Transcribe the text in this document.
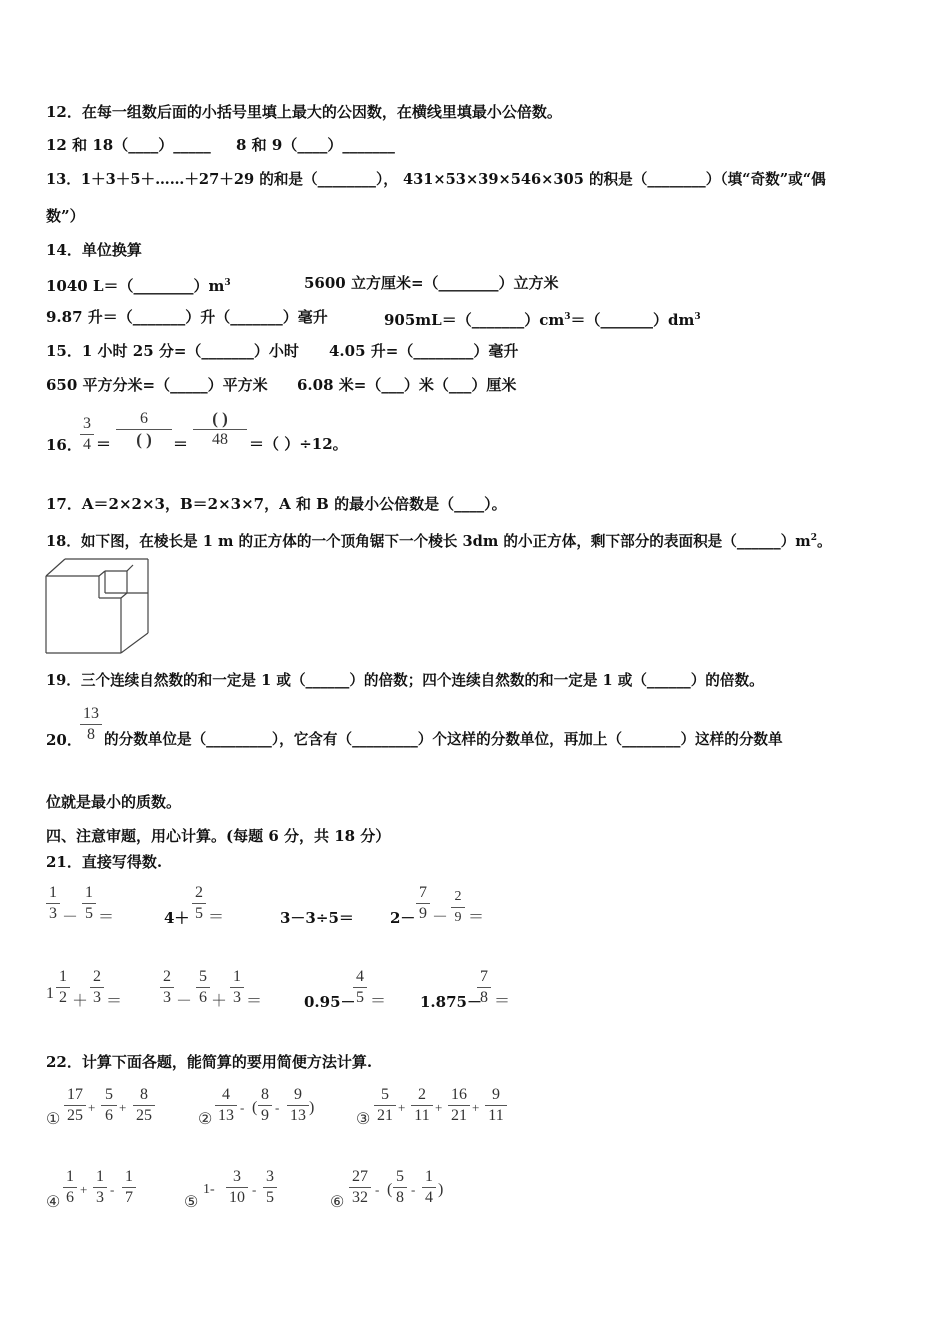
12．在每一组数后面的小括号里填上最大的公因数，在横线里填最小公倍数。
12 和 18（____）_____ 8 和 9（____）_______
13．1＋3＋5＋……＋27＋29 的和是（________）， 431×53×39×546×305 的积是（________）（填“奇数”或“偶
数”）
14．单位换算
1040 $L=(\_\_\_\_\_\_\_\_)m^3$	5600 立方厘米=（________）立方米
9.87 升＝（_______）升（_______）毫升	$905mL=(\_\_\_\_\_\_\_)cm^3=(\_\_\_\_\_\_\_)dm^3$
15．1 小时 25 分=（_______）小时 4.05 升=（________）毫升
650 平方分米=（_____）平方米 6.08 米=（___）米（___）厘米
16．
3
4 ＝
6
( )	＝
( )
48	＝（ ）÷12。
17．A＝2×2×3，B＝2×3×7，A 和 B 的最小公倍数是（____）。
18．如下图，在棱长是 1 m 的正方体的一个顶角锯下一个棱长 3dm 的小正方体，剩下部分的表面积是$(\_\_\_\_\_\_)m^2$。
19．三个连续自然数的和一定是 1 或（______）的倍数；四个连续自然数的和一定是 1 或（______）的倍数。
20．
13
8 的分数单位是（_________），它含有（_________）个这样的分数单位，再加上（________）这样的分数单
位就是最小的质数。
四、注意审题，用心计算。(每题 6 分，共 18 分）
21．直接写得数.
1
3 －
1
5 ＝	4＋
2
5 ＝	3－3÷5＝ 2－
7
9 －
2
9 ＝
1
1
2 ＋
2
3 ＝
2
3 －
5
6 ＋
1
3 ＝	0.95－
4
5 ＝ 1.875－
7
8 ＝
22．计算下面各题，能简算的要用简便方法计算.
①
17
25 +
5
6 +
8
25	②
4
13 - (
8
9 -
9
13 )
③
5
21 +
2
11 +
16
21 +
9
11
④
1
6 +
1
3 -
1
7	⑤
1-
3
10 -
3
5	⑥
27
32 - (
5
8 -
1
4 )
